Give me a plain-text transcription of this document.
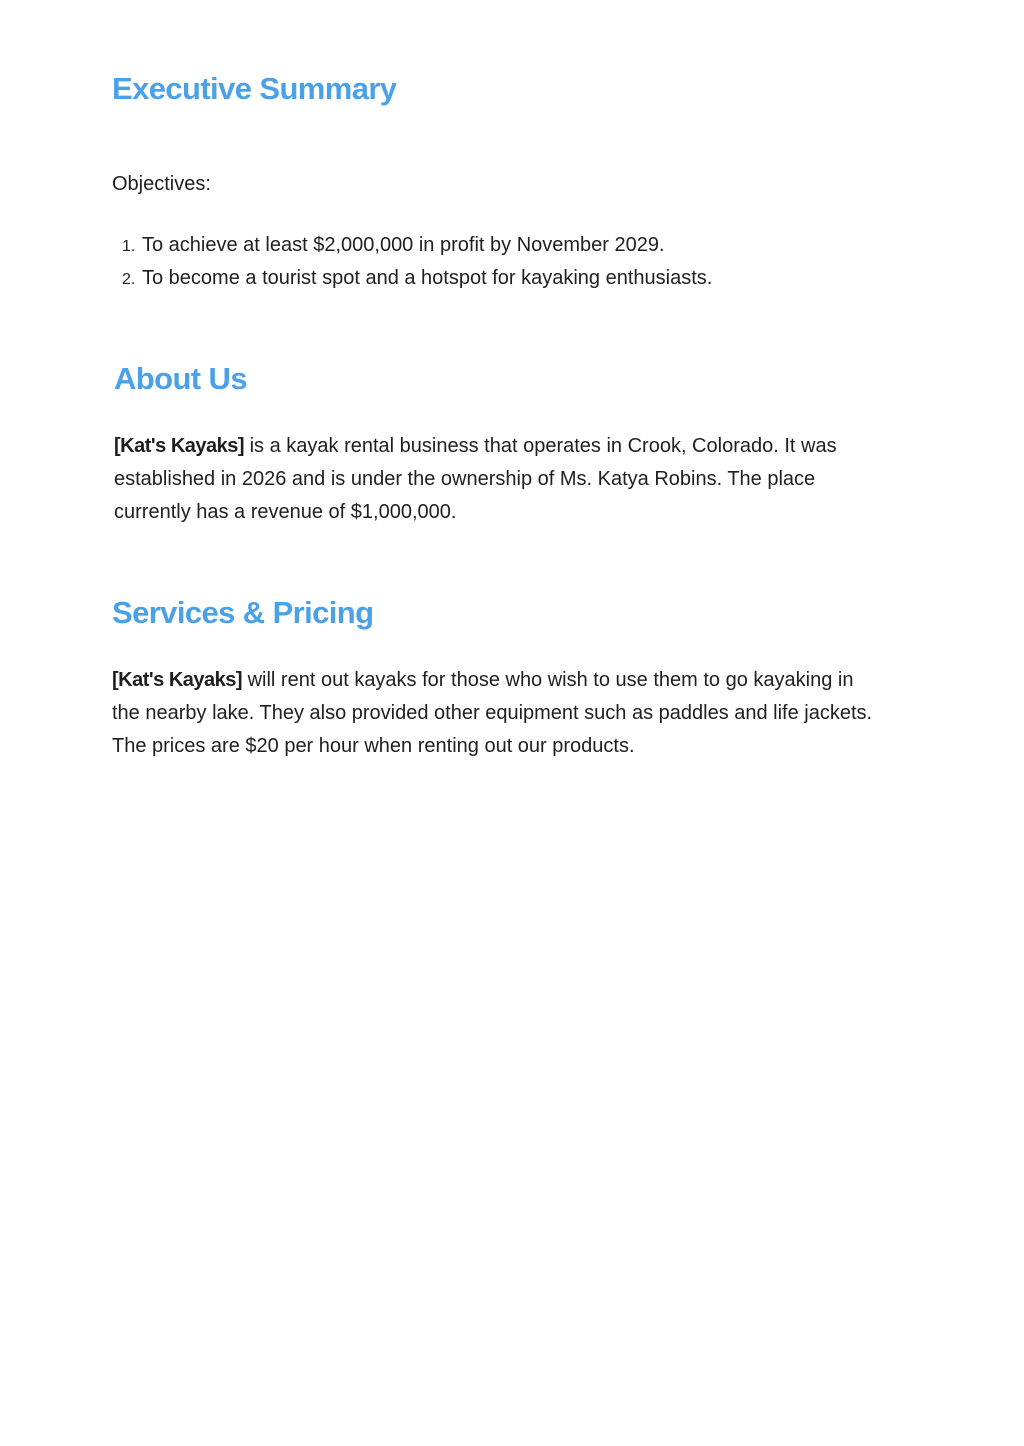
Executive Summary

Objectives:

1. To achieve at least $2,000,000 in profit by November 2029.
2. To become a tourist spot and a hotspot for kayaking enthusiasts.
About Us
[Kat's Kayaks] is a kayak rental business that operates in Crook, Colorado. It was
established in 2026 and is under the ownership of Ms. Katya Robins. The place
currently has a revenue of $1,000,000.
Services & Pricing
[Kat's Kayaks] will rent out kayaks for those who wish to use them to go kayaking in
the nearby lake. They also provided other equipment such as paddles and life jackets.
The prices are $20 per hour when renting out our products.
